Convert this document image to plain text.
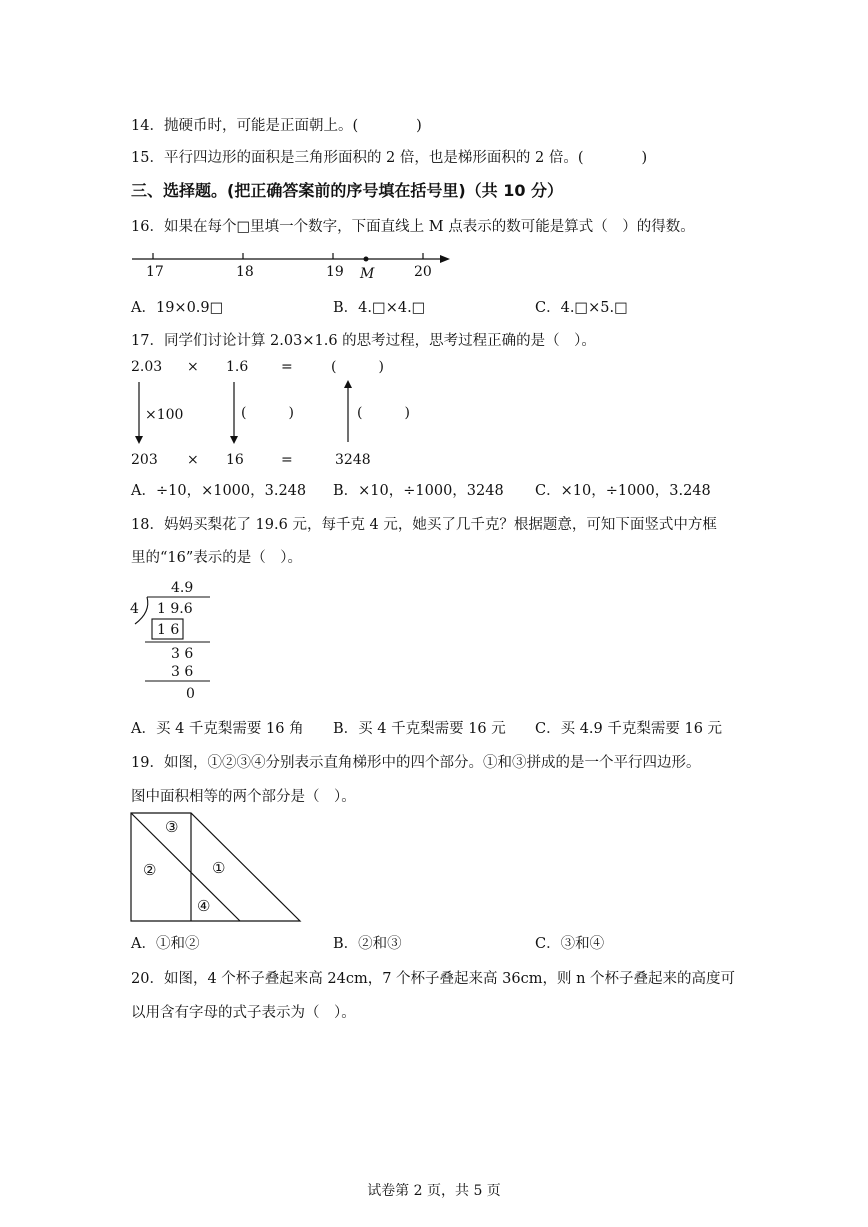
14．抛硬币时，可能是正面朝上。(　　　　)
15．平行四边形的面积是三角形面积的 2 倍，也是梯形面积的 2 倍。(　　　　)
三、选择题。(把正确答案前的序号填在括号里)（共 10 分）
16．如果在每个□里填一个数字，下面直线上 M 点表示的数可能是算式（　）的得数。
17	18	19 M	20
A．19×0.9□	B．4.□×4.□	C．4.□×5.□
17．同学们讨论计算 2.03×1.6 的思考过程，思考过程正确的是（　）。
2.03 × 1.6 =	(　　　)
×100	(　　　)	(　　　)
203 × 16	=	3248
A．÷10，×1000，3.248 B．×10，÷1000，3248 C．×10，÷1000，3.248
18．妈妈买梨花了 19.6 元，每千克 4 元，她买了几千克？根据题意，可知下面竖式中方框
里的“16”表示的是（　）。
4.9
4 1 9.6
1 6
3 6
3 6
0
A．买 4 千克梨需要 16 角 B．买 4 千克梨需要 16 元 C．买 4.9 千克梨需要 16 元
19．如图，①②③④分别表示直角梯形中的四个部分。①和③拼成的是一个平行四边形。
图中面积相等的两个部分是（　）。
③
②	①
④
A．①和②	B．②和③	C．③和④
20．如图，4 个杯子叠起来高 24cm，7 个杯子叠起来高 36cm，则 n 个杯子叠起来的高度可
以用含有字母的式子表示为（　）。
试卷第 2 页，共 5 页
